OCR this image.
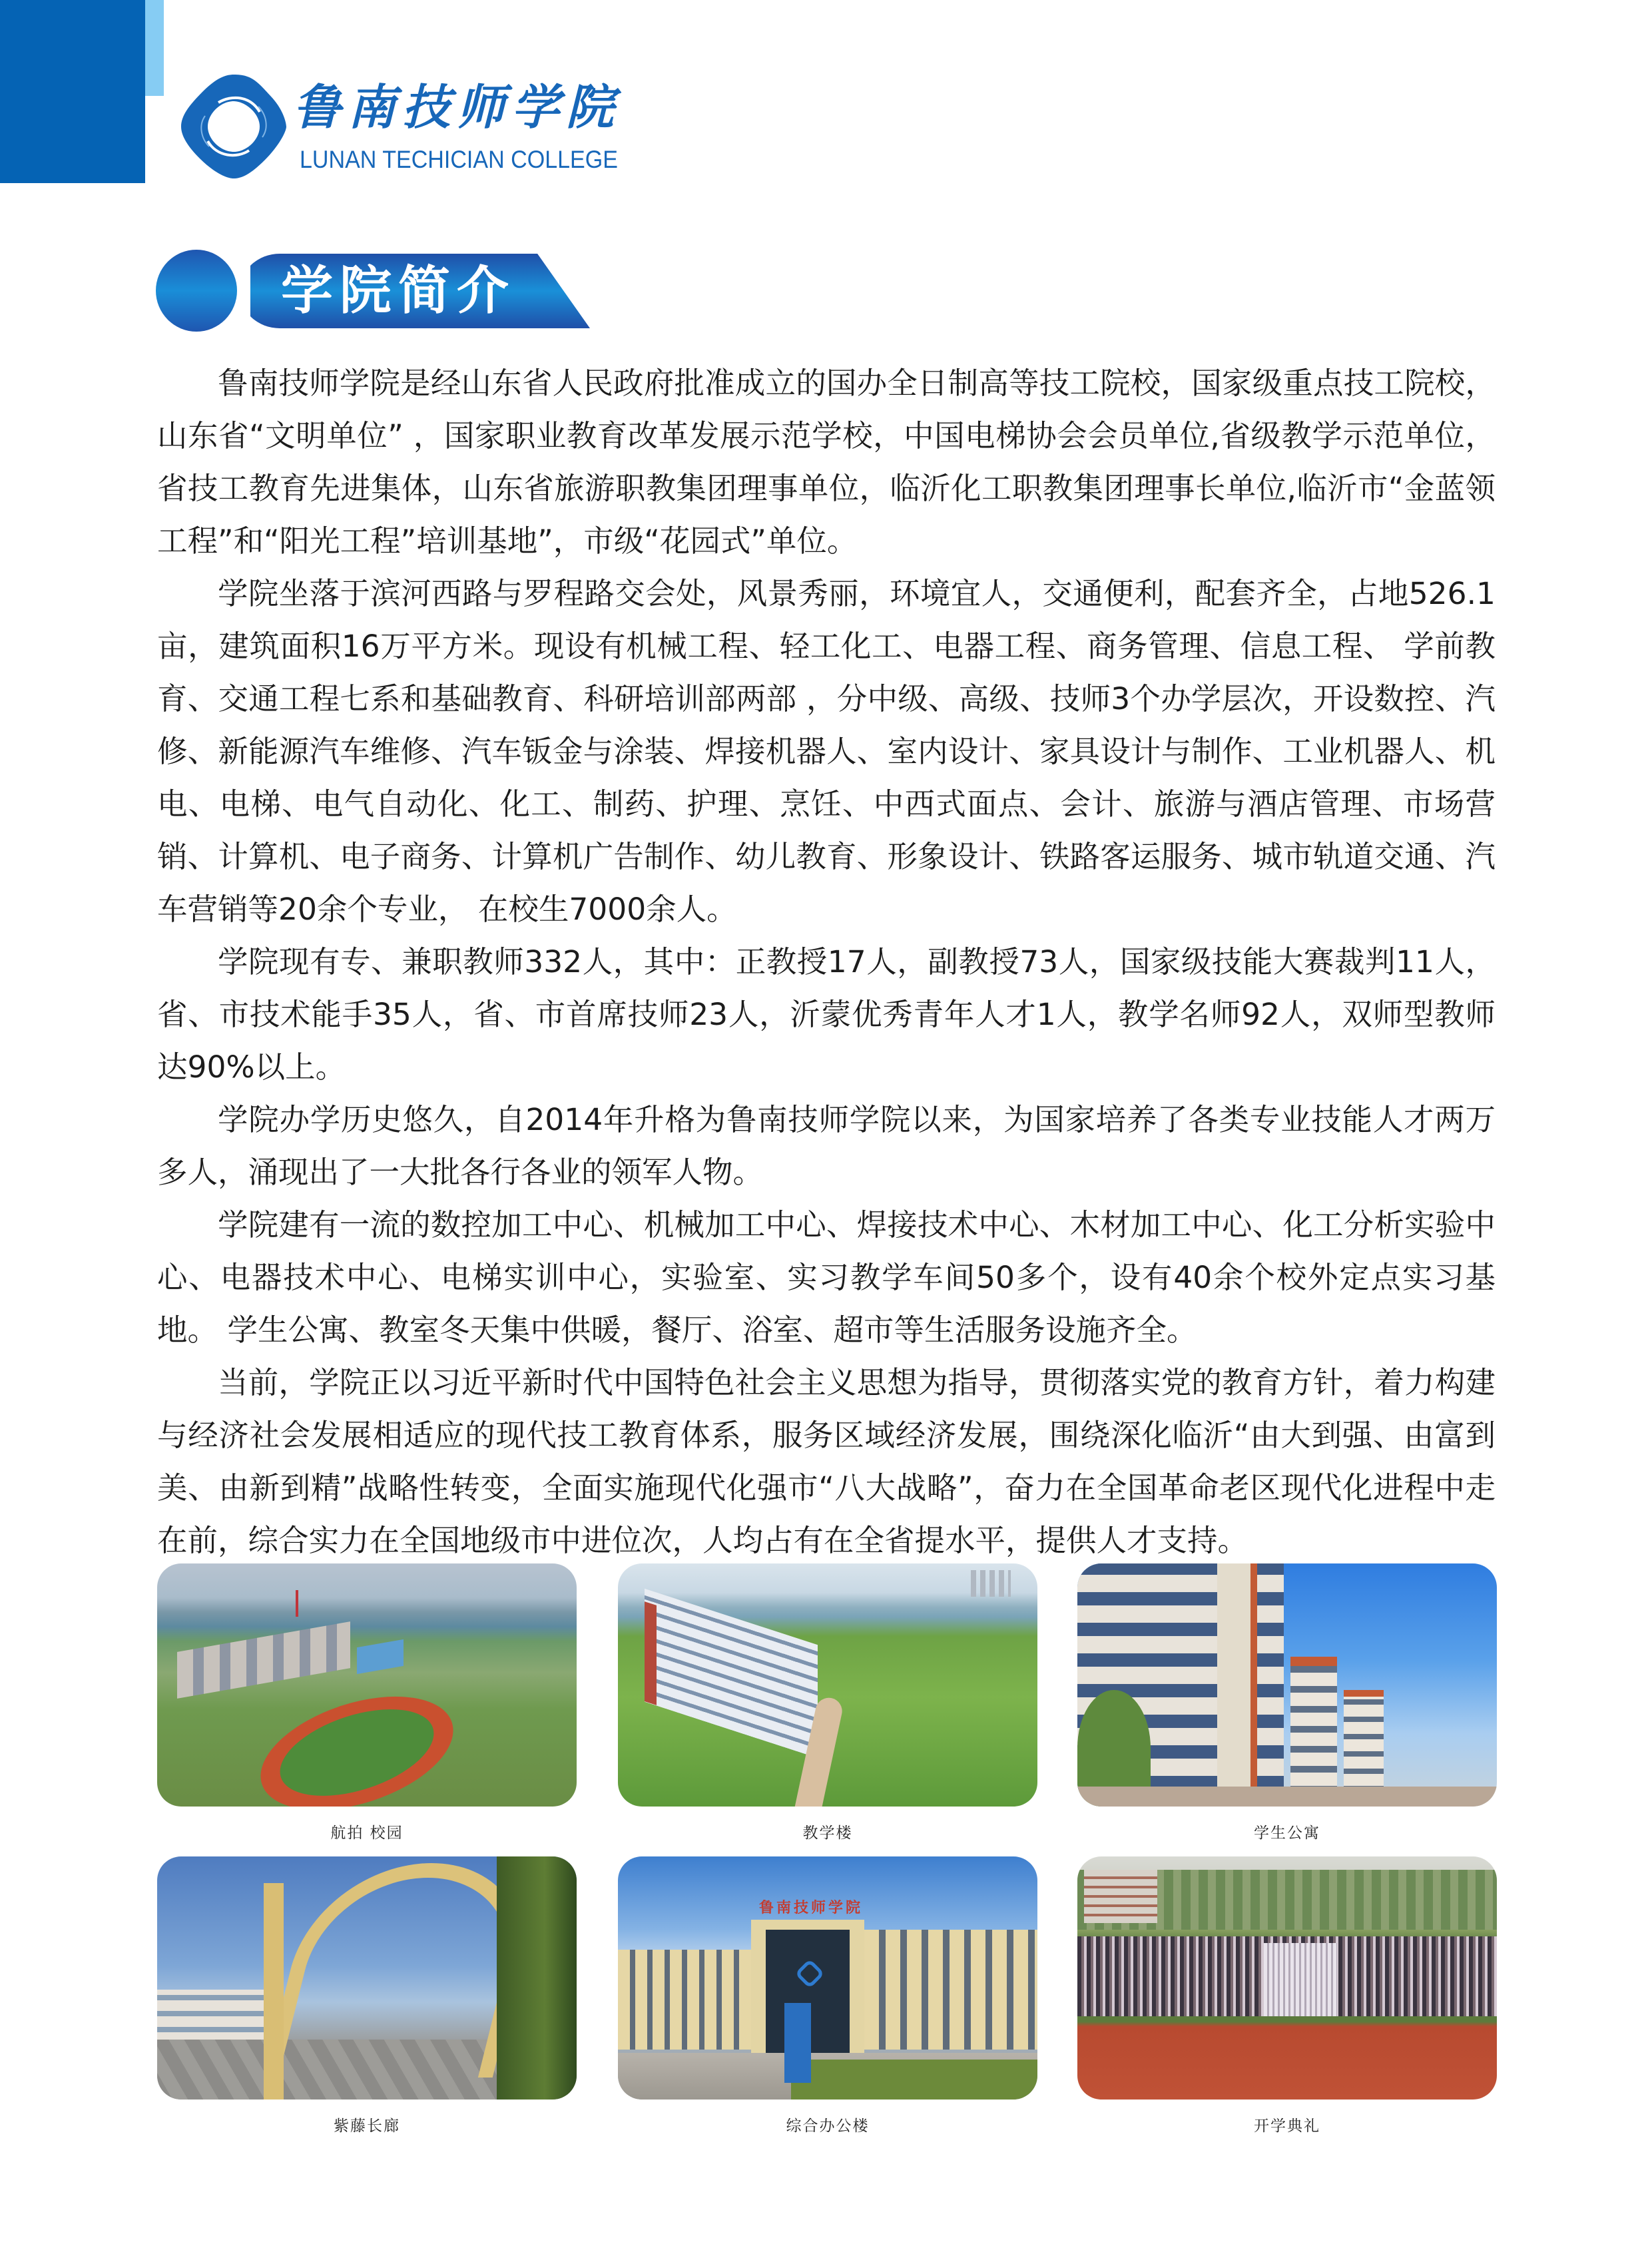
鲁南技师学院
LUNAN TECHICIAN COLLEGE
学院简介

鲁南技师学院是经山东省人民政府批准成立的国办全日制高等技工院校，国家级重点技工院校，山东省“文明单位” ，国家职业教育改革发展示范学校，中国电梯协会会员单位,省级教学示范单位，省技工教育先进集体，山东省旅游职教集团理事单位，临沂化工职教集团理事长单位,临沂市“金蓝领工程”和“阳光工程”培训基地”，市级“花园式”单位。

学院坐落于滨河西路与罗程路交会处，风景秀丽，环境宜人，交通便利，配套齐全，占地526.1亩，建筑面积16万平方米。现设有机械工程、轻工化工、电器工程、商务管理、信息工程、 学前教育、交通工程七系和基础教育、科研培训部两部 ，分中级、高级、技师3个办学层次，开设数控、汽修、新能源汽车维修、汽车钣金与涂装、焊接机器人、室内设计、家具设计与制作、工业机器人、机电、电梯、电气自动化、化工、制药、护理、烹饪、中西式面点、会计、旅游与酒店管理、市场营销、计算机、电子商务、计算机广告制作、幼儿教育、形象设计、铁路客运服务、城市轨道交通、汽车营销等20余个专业， 在校生7000余人。

学院现有专、兼职教师332人，其中：正教授17人，副教授73人，国家级技能大赛裁判11人，省、市技术能手35人，省、市首席技师23人，沂蒙优秀青年人才1人，教学名师92人，双师型教师达90%以上。

学院办学历史悠久，自2014年升格为鲁南技师学院以来，为国家培养了各类专业技能人才两万多人，涌现出了一大批各行各业的领军人物。

学院建有一流的数控加工中心、机械加工中心、焊接技术中心、木材加工中心、化工分析实验中心、电器技术中心、电梯实训中心，实验室、实习教学车间50多个，设有40余个校外定点实习基地。 学生公寓、教室冬天集中供暖，餐厅、浴室、超市等生活服务设施齐全。

当前，学院正以习近平新时代中国特色社会主义思想为指导，贯彻落实党的教育方针，着力构建与经济社会发展相适应的现代技工教育体系，服务区域经济发展，围绕深化临沂“由大到强、由富到美、由新到精”战略性转变，全面实施现代化强市“八大战略”，奋力在全国革命老区现代化进程中走在前，综合实力在全国地级市中进位次，人均占有在全省提水平，提供人才支持。

航拍 校园	教学楼	学生公寓
紫藤长廊
鲁南技师学院
综合办公楼	开学典礼
